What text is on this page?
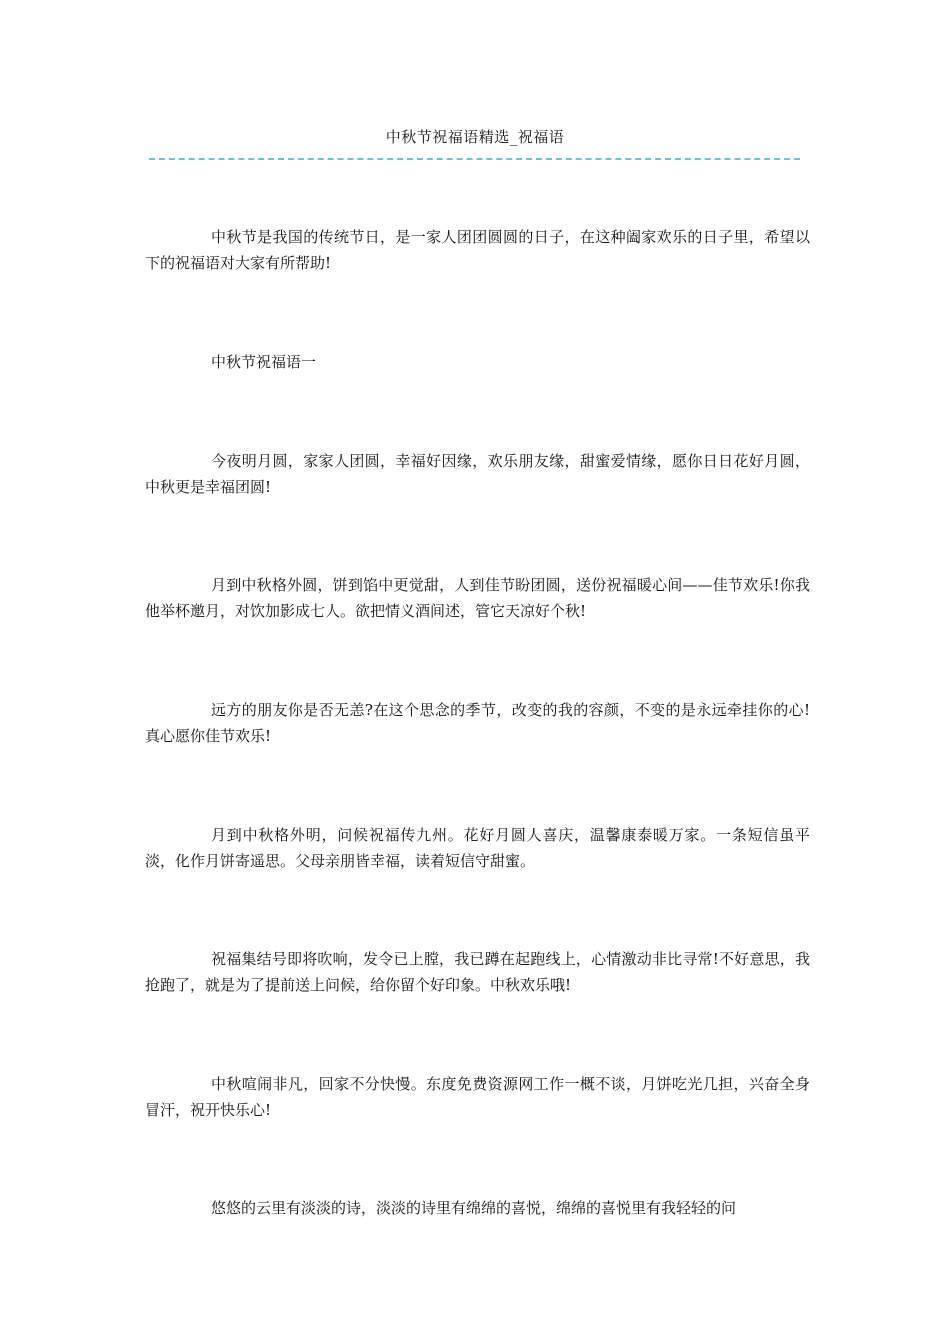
中秋节祝福语精选_祝福语

中秋节是我国的传统节日，是一家人团团圆圆的日子，在这种阖家欢乐的日子里，希望以下的祝福语对大家有所帮助!

中秋节祝福语一

今夜明月圆，家家人团圆，幸福好因缘，欢乐朋友缘，甜蜜爱情缘，愿你日日花好月圆，中秋更是幸福团圆!

月到中秋格外圆，饼到馅中更觉甜，人到佳节盼团圆，送份祝福暖心间——佳节欢乐!你我他举杯邀月，对饮加影成七人。欲把情义酒间述，管它天凉好个秋!

远方的朋友你是否无恙?在这个思念的季节，改变的我的容颜，不变的是永远牵挂你的心!真心愿你佳节欢乐!

月到中秋格外明，问候祝福传九州。花好月圆人喜庆，温馨康泰暖万家。一条短信虽平淡，化作月饼寄遥思。父母亲朋皆幸福，读着短信守甜蜜。

祝福集结号即将吹响，发令已上膛，我已蹲在起跑线上，心情激动非比寻常!不好意思，我抢跑了，就是为了提前送上问候，给你留个好印象。中秋欢乐哦!

中秋喧闹非凡，回家不分快慢。东度免费资源网工作一概不谈，月饼吃光几担，兴奋全身冒汗，祝开快乐心!

悠悠的云里有淡淡的诗，淡淡的诗里有绵绵的喜悦，绵绵的喜悦里有我轻轻的问
